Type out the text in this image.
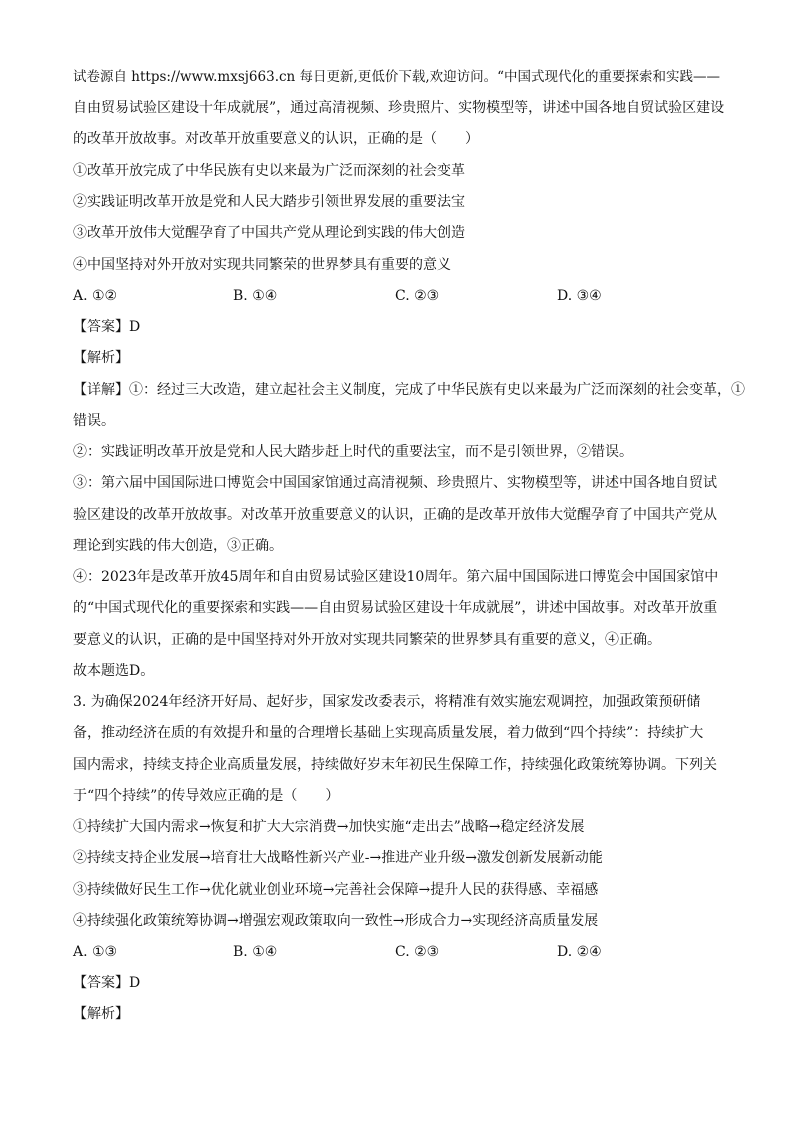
试卷源自 https://www.mxsj663.cn 每日更新,更低价下载,欢迎访问。“中国式现代化的重要探索和实践——
自由贸易试验区建设十年成就展”，通过高清视频、珍贵照片、实物模型等，讲述中国各地自贸试验区建设
的改革开放故事。对改革开放重要意义的认识，正确的是（　　）
①改革开放完成了中华民族有史以来最为广泛而深刻的社会变革
②实践证明改革开放是党和人民大踏步引领世界发展的重要法宝
③改革开放伟大觉醒孕育了中国共产党从理论到实践的伟大创造
④中国坚持对外开放对实现共同繁荣的世界梦具有重要的意义
A. ①②	B. ①④	C. ②③	D. ③④
【答案】D
【解析】
【详解】①：经过三大改造，建立起社会主义制度，完成了中华民族有史以来最为广泛而深刻的社会变革，①
错误。
②：实践证明改革开放是党和人民大踏步赶上时代的重要法宝，而不是引领世界，②错误。
③：第六届中国国际进口博览会中国国家馆通过高清视频、珍贵照片、实物模型等，讲述中国各地自贸试
验区建设的改革开放故事。对改革开放重要意义的认识，正确的是改革开放伟大觉醒孕育了中国共产党从
理论到实践的伟大创造，③正确。
④：2023年是改革开放45周年和自由贸易试验区建设10周年。第六届中国国际进口博览会中国国家馆中
的“中国式现代化的重要探索和实践——自由贸易试验区建设十年成就展”，讲述中国故事。对改革开放重
要意义的认识，正确的是中国坚持对外开放对实现共同繁荣的世界梦具有重要的意义，④正确。
故本题选D。
3. 为确保2024年经济开好局、起好步，国家发改委表示，将精准有效实施宏观调控，加强政策预研储
备，推动经济在质的有效提升和量的合理增长基础上实现高质量发展，着力做到“四个持续”：持续扩大
国内需求，持续支持企业高质量发展，持续做好岁末年初民生保障工作，持续强化政策统筹协调。下列关
于“四个持续”的传导效应正确的是（　　）
①持续扩大国内需求→恢复和扩大大宗消费→加快实施“走出去”战略→稳定经济发展
②持续支持企业发展→培育壮大战略性新兴产业-→推进产业升级→激发创新发展新动能
③持续做好民生工作→优化就业创业环境→完善社会保障→提升人民的获得感、幸福感
④持续强化政策统筹协调→增强宏观政策取向一致性→形成合力→实现经济高质量发展
A. ①③	B. ①④	C. ②③	D. ②④
【答案】D
【解析】
